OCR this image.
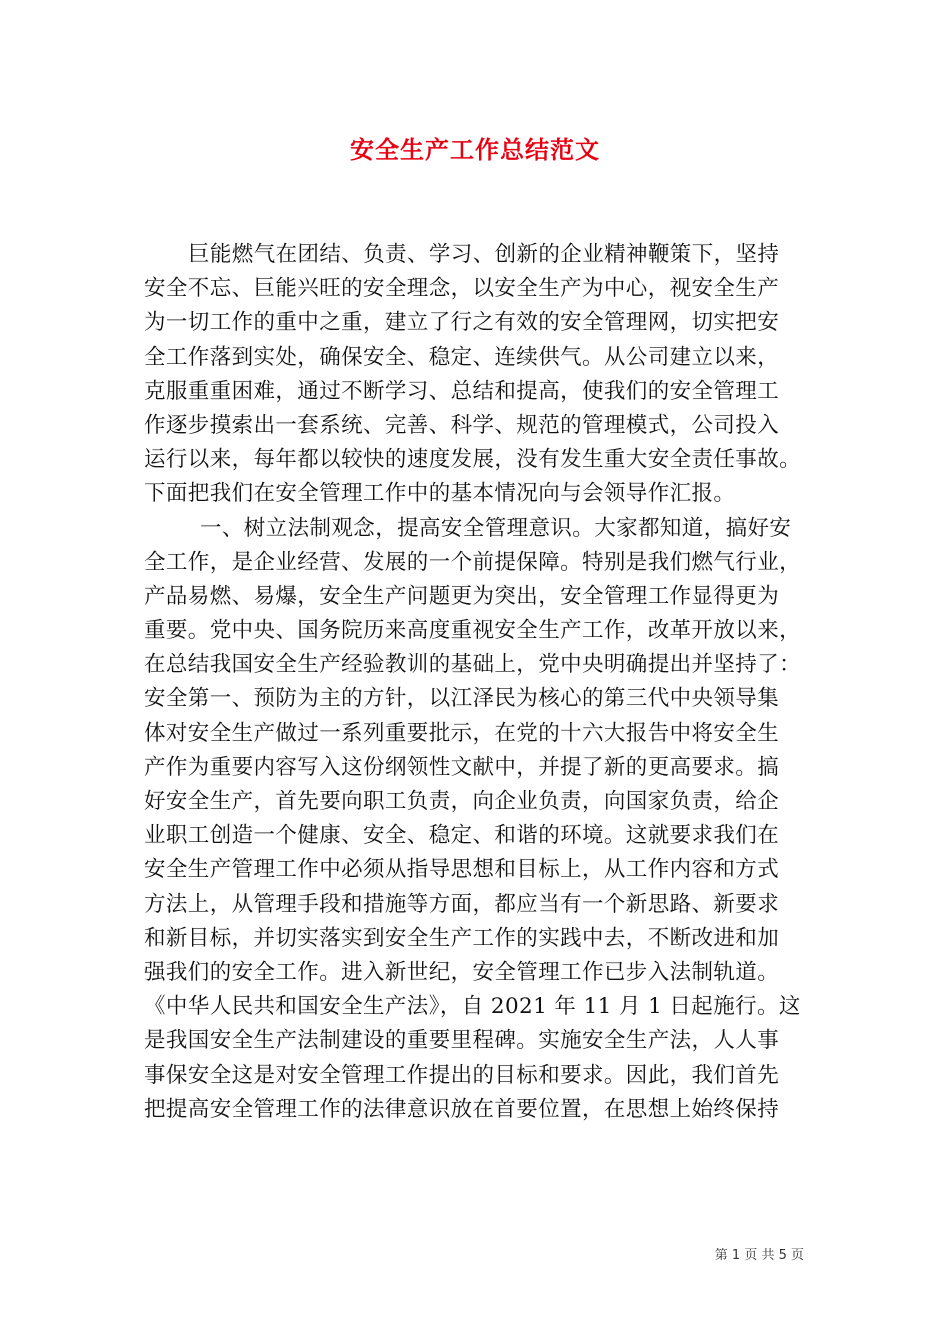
安全生产工作总结范文
巨能燃气在团结、负责、学习、创新的企业精神鞭策下，坚持
安全不忘、巨能兴旺的安全理念，以安全生产为中心，视安全生产
为一切工作的重中之重，建立了行之有效的安全管理网，切实把安
全工作落到实处，确保安全、稳定、连续供气。从公司建立以来，
克服重重困难，通过不断学习、总结和提高，使我们的安全管理工
作逐步摸索出一套系统、完善、科学、规范的管理模式，公司投入
运行以来，每年都以较快的速度发展，没有发生重大安全责任事故。
下面把我们在安全管理工作中的基本情况向与会领导作汇报。
一、树立法制观念，提高安全管理意识。大家都知道，搞好安
全工作，是企业经营、发展的一个前提保障。特别是我们燃气行业，
产品易燃、易爆，安全生产问题更为突出，安全管理工作显得更为
重要。党中央、国务院历来高度重视安全生产工作，改革开放以来，
在总结我国安全生产经验教训的基础上，党中央明确提出并坚持了：
安全第一、预防为主的方针，以江泽民为核心的第三代中央领导集
体对安全生产做过一系列重要批示，在党的十六大报告中将安全生
产作为重要内容写入这份纲领性文献中，并提了新的更高要求。搞
好安全生产，首先要向职工负责，向企业负责，向国家负责，给企
业职工创造一个健康、安全、稳定、和谐的环境。这就要求我们在
安全生产管理工作中必须从指导思想和目标上，从工作内容和方式
方法上，从管理手段和措施等方面，都应当有一个新思路、新要求
和新目标，并切实落实到安全生产工作的实践中去，不断改进和加
强我们的安全工作。进入新世纪，安全管理工作已步入法制轨道。
《中华人民共和国安全生产法》，自 2021 年 11 月 1 日起施行。这
是我国安全生产法制建设的重要里程碑。实施安全生产法，人人事
事保安全这是对安全管理工作提出的目标和要求。因此，我们首先
把提高安全管理工作的法律意识放在首要位置，在思想上始终保持
第 1 页 共 5 页
